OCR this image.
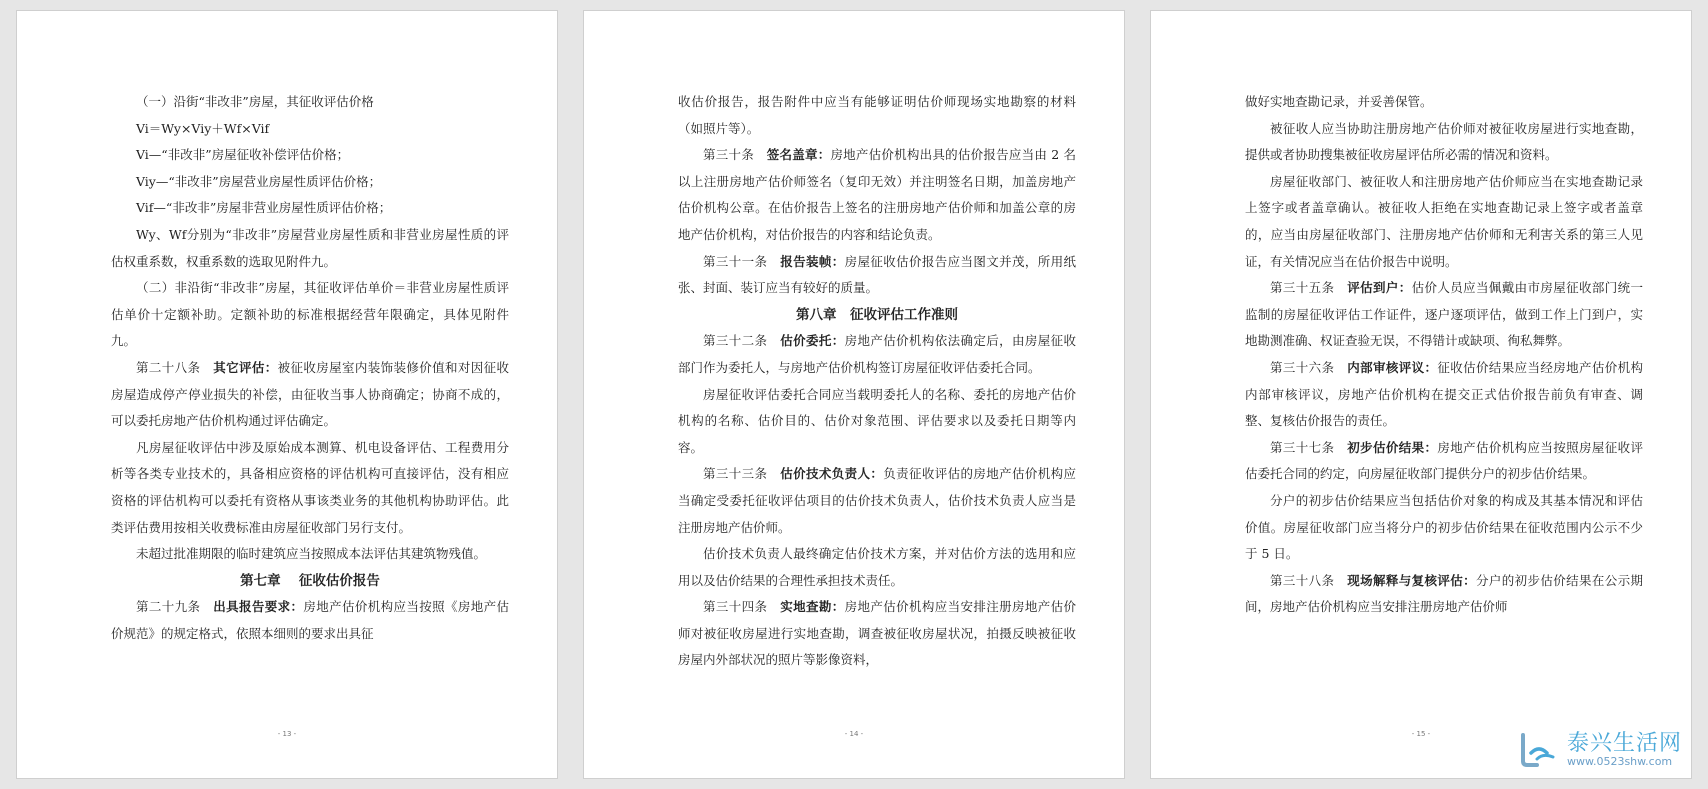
（一）沿街“非改非”房屋，其征收评估价格

Vi＝Wy×Viy＋Wf×Vif

Vi—“非改非”房屋征收补偿评估价格；

Viy—“非改非”房屋营业房屋性质评估价格；

Vif—“非改非”房屋非营业房屋性质评估价格；

Wy、Wf分别为“非改非”房屋营业房屋性质和非营业房屋性质的评估权重系数，权重系数的选取见附件九。

（二）非沿街“非改非”房屋，其征收评估单价＝非营业房屋性质评估单价十定额补助。定额补助的标准根据经营年限确定，具体见附件九。

第二十八条　其它评估：被征收房屋室内装饰装修价值和对因征收房屋造成停产停业损失的补偿，由征收当事人协商确定；协商不成的，可以委托房地产估价机构通过评估确定。

凡房屋征收评估中涉及原始成本测算、机电设备评估、工程费用分析等各类专业技术的，具备相应资格的评估机构可直接评估，没有相应资格的评估机构可以委托有资格从事该类业务的其他机构协助评估。此类评估费用按相关收费标准由房屋征收部门另行支付。

未超过批准期限的临时建筑应当按照成本法评估其建筑物残值。

第七章　 征收估价报告

第二十九条　出具报告要求：房地产估价机构应当按照《房地产估价规范》的规定格式，依照本细则的要求出具征

- 13 -

收估价报告，报告附件中应当有能够证明估价师现场实地勘察的材料（如照片等）。

第三十条　签名盖章：房地产估价机构出具的估价报告应当由 2 名以上注册房地产估价师签名（复印无效）并注明签名日期，加盖房地产估价机构公章。在估价报告上签名的注册房地产估价师和加盖公章的房地产估价机构，对估价报告的内容和结论负责。

第三十一条　报告装帧：房屋征收估价报告应当图文并茂，所用纸张、封面、装订应当有较好的质量。

第八章　征收评估工作准则

第三十二条　估价委托：房地产估价机构依法确定后，由房屋征收部门作为委托人，与房地产估价机构签订房屋征收评估委托合同。

房屋征收评估委托合同应当载明委托人的名称、委托的房地产估价机构的名称、估价目的、估价对象范围、评估要求以及委托日期等内容。

第三十三条　估价技术负责人：负责征收评估的房地产估价机构应当确定受委托征收评估项目的估价技术负责人，估价技术负责人应当是注册房地产估价师。

估价技术负责人最终确定估价技术方案，并对估价方法的选用和应用以及估价结果的合理性承担技术责任。

第三十四条　实地查勘：房地产估价机构应当安排注册房地产估价师对被征收房屋进行实地查勘，调查被征收房屋状况，拍摄反映被征收房屋内外部状况的照片等影像资料，

- 14 -

做好实地查勘记录，并妥善保管。

被征收人应当协助注册房地产估价师对被征收房屋进行实地查勘，提供或者协助搜集被征收房屋评估所必需的情况和资料。

房屋征收部门、被征收人和注册房地产估价师应当在实地查勘记录上签字或者盖章确认。被征收人拒绝在实地查勘记录上签字或者盖章的，应当由房屋征收部门、注册房地产估价师和无利害关系的第三人见证，有关情况应当在估价报告中说明。

第三十五条　评估到户：估价人员应当佩戴由市房屋征收部门统一监制的房屋征收评估工作证件，逐户逐项评估，做到工作上门到户，实地勘测准确、权证查验无误，不得错计或缺项、徇私舞弊。

第三十六条　内部审核评议：征收估价结果应当经房地产估价机构内部审核评议，房地产估价机构在提交正式估价报告前负有审查、调整、复核估价报告的责任。

第三十七条　初步估价结果：房地产估价机构应当按照房屋征收评估委托合同的约定，向房屋征收部门提供分户的初步估价结果。

分户的初步估价结果应当包括估价对象的构成及其基本情况和评估价值。房屋征收部门应当将分户的初步估价结果在征收范围内公示不少于 5 日。

第三十八条　现场解释与复核评估：分户的初步估价结果在公示期间，房地产估价机构应当安排注册房地产估价师

- 15 -	泰兴生活网
www.0523shw.com
